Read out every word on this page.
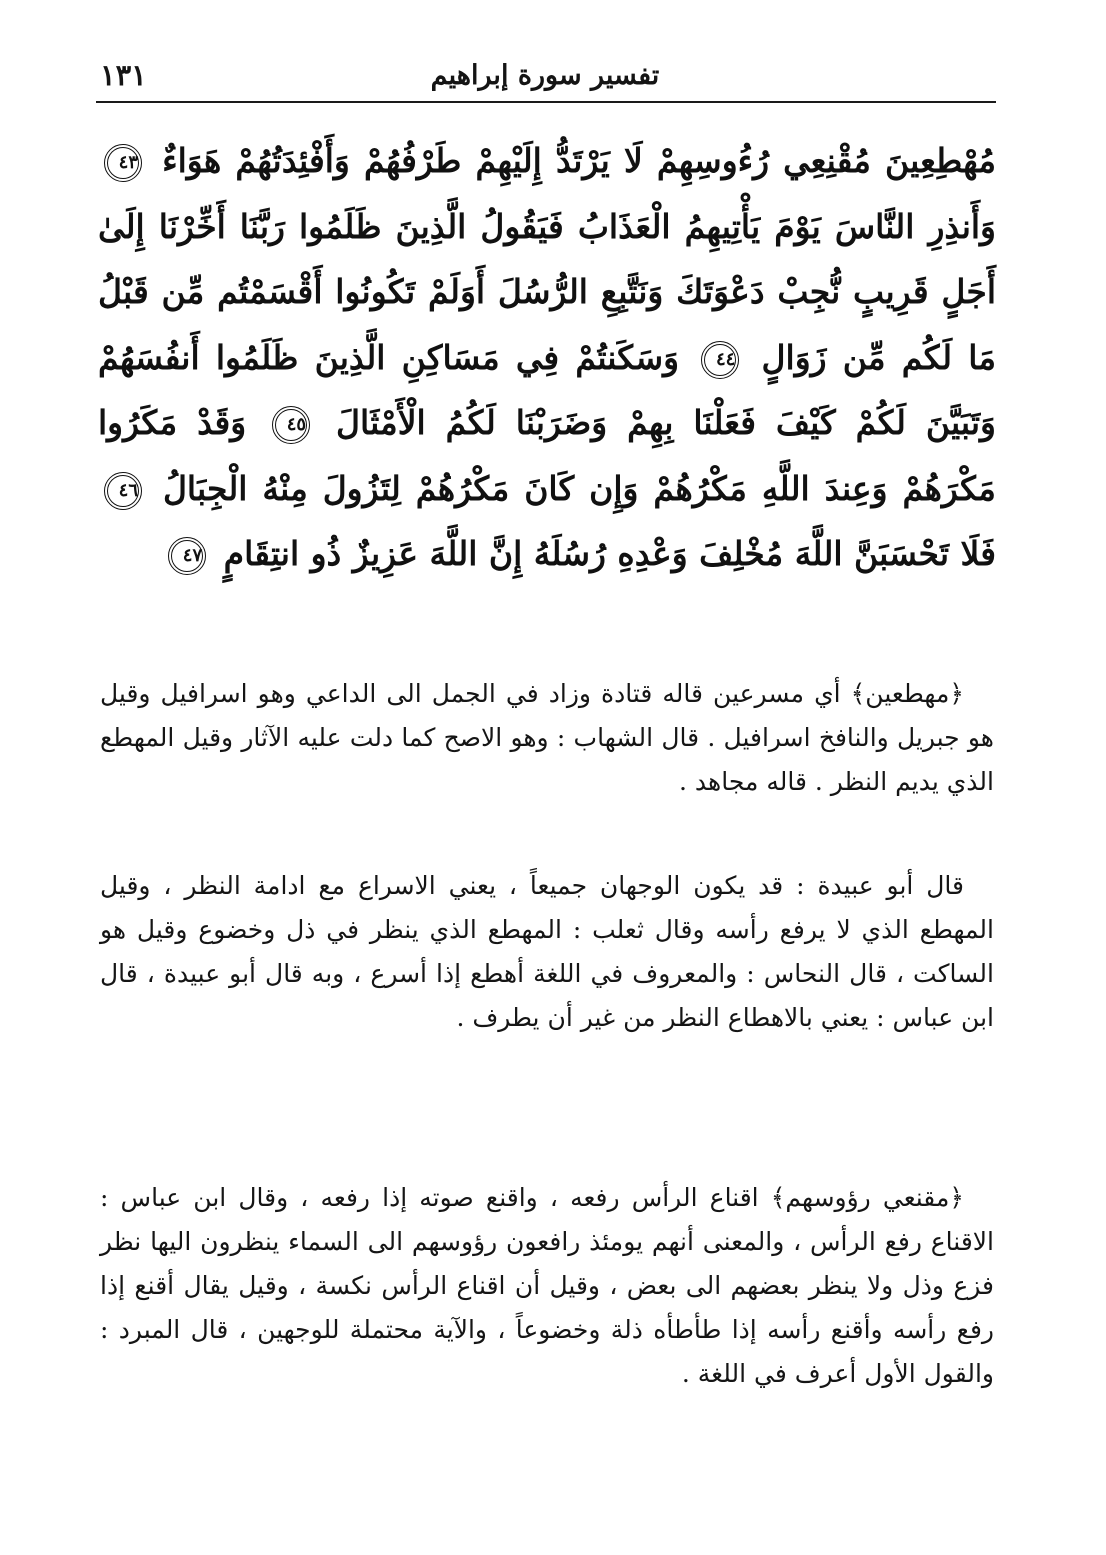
تفسير سورة إبراهيم
١٣١
مُهْطِعِينَ مُقْنِعِي رُءُوسِهِمْ لَا يَرْتَدُّ إِلَيْهِمْ طَرْفُهُمْ وَأَفْئِدَتُهُمْ هَوَاءٌ ٤٣ وَأَنذِرِ النَّاسَ يَوْمَ يَأْتِيهِمُ الْعَذَابُ فَيَقُولُ الَّذِينَ ظَلَمُوا رَبَّنَا أَخِّرْنَا إِلَىٰ أَجَلٍ قَرِيبٍ نُّجِبْ دَعْوَتَكَ وَنَتَّبِعِ الرُّسُلَ أَوَلَمْ تَكُونُوا أَقْسَمْتُم مِّن قَبْلُ مَا لَكُم مِّن زَوَالٍ ٤٤ وَسَكَنتُمْ فِي مَسَاكِنِ الَّذِينَ ظَلَمُوا أَنفُسَهُمْ وَتَبَيَّنَ لَكُمْ كَيْفَ فَعَلْنَا بِهِمْ وَضَرَبْنَا لَكُمُ الْأَمْثَالَ ٤٥ وَقَدْ مَكَرُوا مَكْرَهُمْ وَعِندَ اللَّهِ مَكْرُهُمْ وَإِن كَانَ مَكْرُهُمْ لِتَزُولَ مِنْهُ الْجِبَالُ ٤٦ فَلَا تَحْسَبَنَّ اللَّهَ مُخْلِفَ وَعْدِهِ رُسُلَهُ إِنَّ اللَّهَ عَزِيزٌ ذُو انتِقَامٍ ٤٧
﴿مهطعين﴾ أي مسرعين قاله قتادة وزاد في الجمل الى الداعي وهو اسرافيل وقيل هو جبريل والنافخ اسرافيل . قال الشهاب : وهو الاصح كما دلت عليه الآثار وقيل المهطع الذي يديم النظر . قاله مجاهد .
قال أبو عبيدة : قد يكون الوجهان جميعاً ، يعني الاسراع مع ادامة النظر ، وقيل المهطع الذي لا يرفع رأسه وقال ثعلب : المهطع الذي ينظر في ذل وخضوع وقيل هو الساكت ، قال النحاس : والمعروف في اللغة أهطع إذا أسرع ، وبه قال أبو عبيدة ، قال ابن عباس : يعني بالاهطاع النظر من غير أن يطرف .
﴿مقنعي رؤوسهم﴾ اقناع الرأس رفعه ، واقنع صوته إذا رفعه ، وقال ابن عباس : الاقناع رفع الرأس ، والمعنى أنهم يومئذ رافعون رؤوسهم الى السماء ينظرون اليها نظر فزع وذل ولا ينظر بعضهم الى بعض ، وقيل أن اقناع الرأس نكسة ، وقيل يقال أقنع إذا رفع رأسه وأقنع رأسه إذا طأطأه ذلة وخضوعاً ، والآية محتملة للوجهين ، قال المبرد : والقول الأول أعرف في اللغة .
